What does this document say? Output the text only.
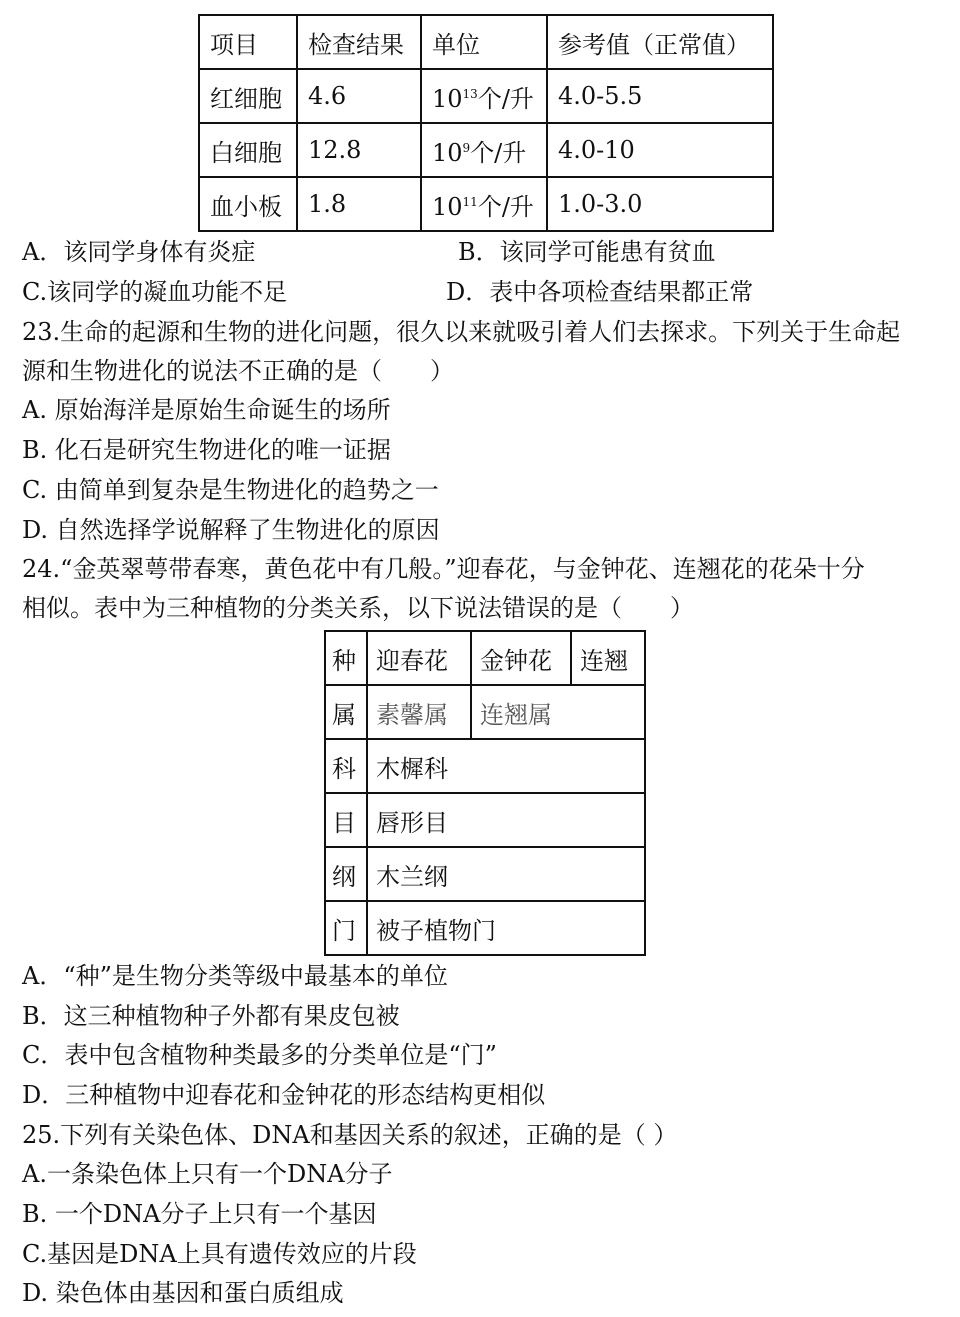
项目	检查结果	单位	参考值（正常值）
红细胞	4.6	$10^{13}$个/升	4.0-5.5
白细胞	12.8	$10^9$个/升	4.0-10
血小板	1.8	$10^{11}$个/升	1.0-3.0
A．该同学身体有炎症	B．该同学可能患有贫血
C.该同学的凝血功能不足	D．表中各项检查结果都正常
23.生命的起源和生物的进化问题，很久以来就吸引着人们去探求。下列关于生命起
源和生物进化的说法不正确的是（　　）
A. 原始海洋是原始生命诞生的场所
B. 化石是研究生物进化的唯一证据
C. 由简单到复杂是生物进化的趋势之一
D. 自然选择学说解释了生物进化的原因
24.“金英翠萼带春寒，黄色花中有几般。”迎春花，与金钟花、连翘花的花朵十分
相似。表中为三种植物的分类关系，以下说法错误的是（　　）
种	迎春花	金钟花	连翘
属	素馨属	连翘属	
科	木樨科		
目	唇形目		
纲	木兰纲		
门	被子植物门		
A．“种”是生物分类等级中最基本的单位
B．这三种植物种子外都有果皮包被
C．表中包含植物种类最多的分类单位是“门”
D．三种植物中迎春花和金钟花的形态结构更相似
25.下列有关染色体、DNA和基因关系的叙述，正确的是（ ）
A.一条染色体上只有一个DNA分子
B. 一个DNA分子上只有一个基因
C.基因是DNA上具有遗传效应的片段
D. 染色体由基因和蛋白质组成
